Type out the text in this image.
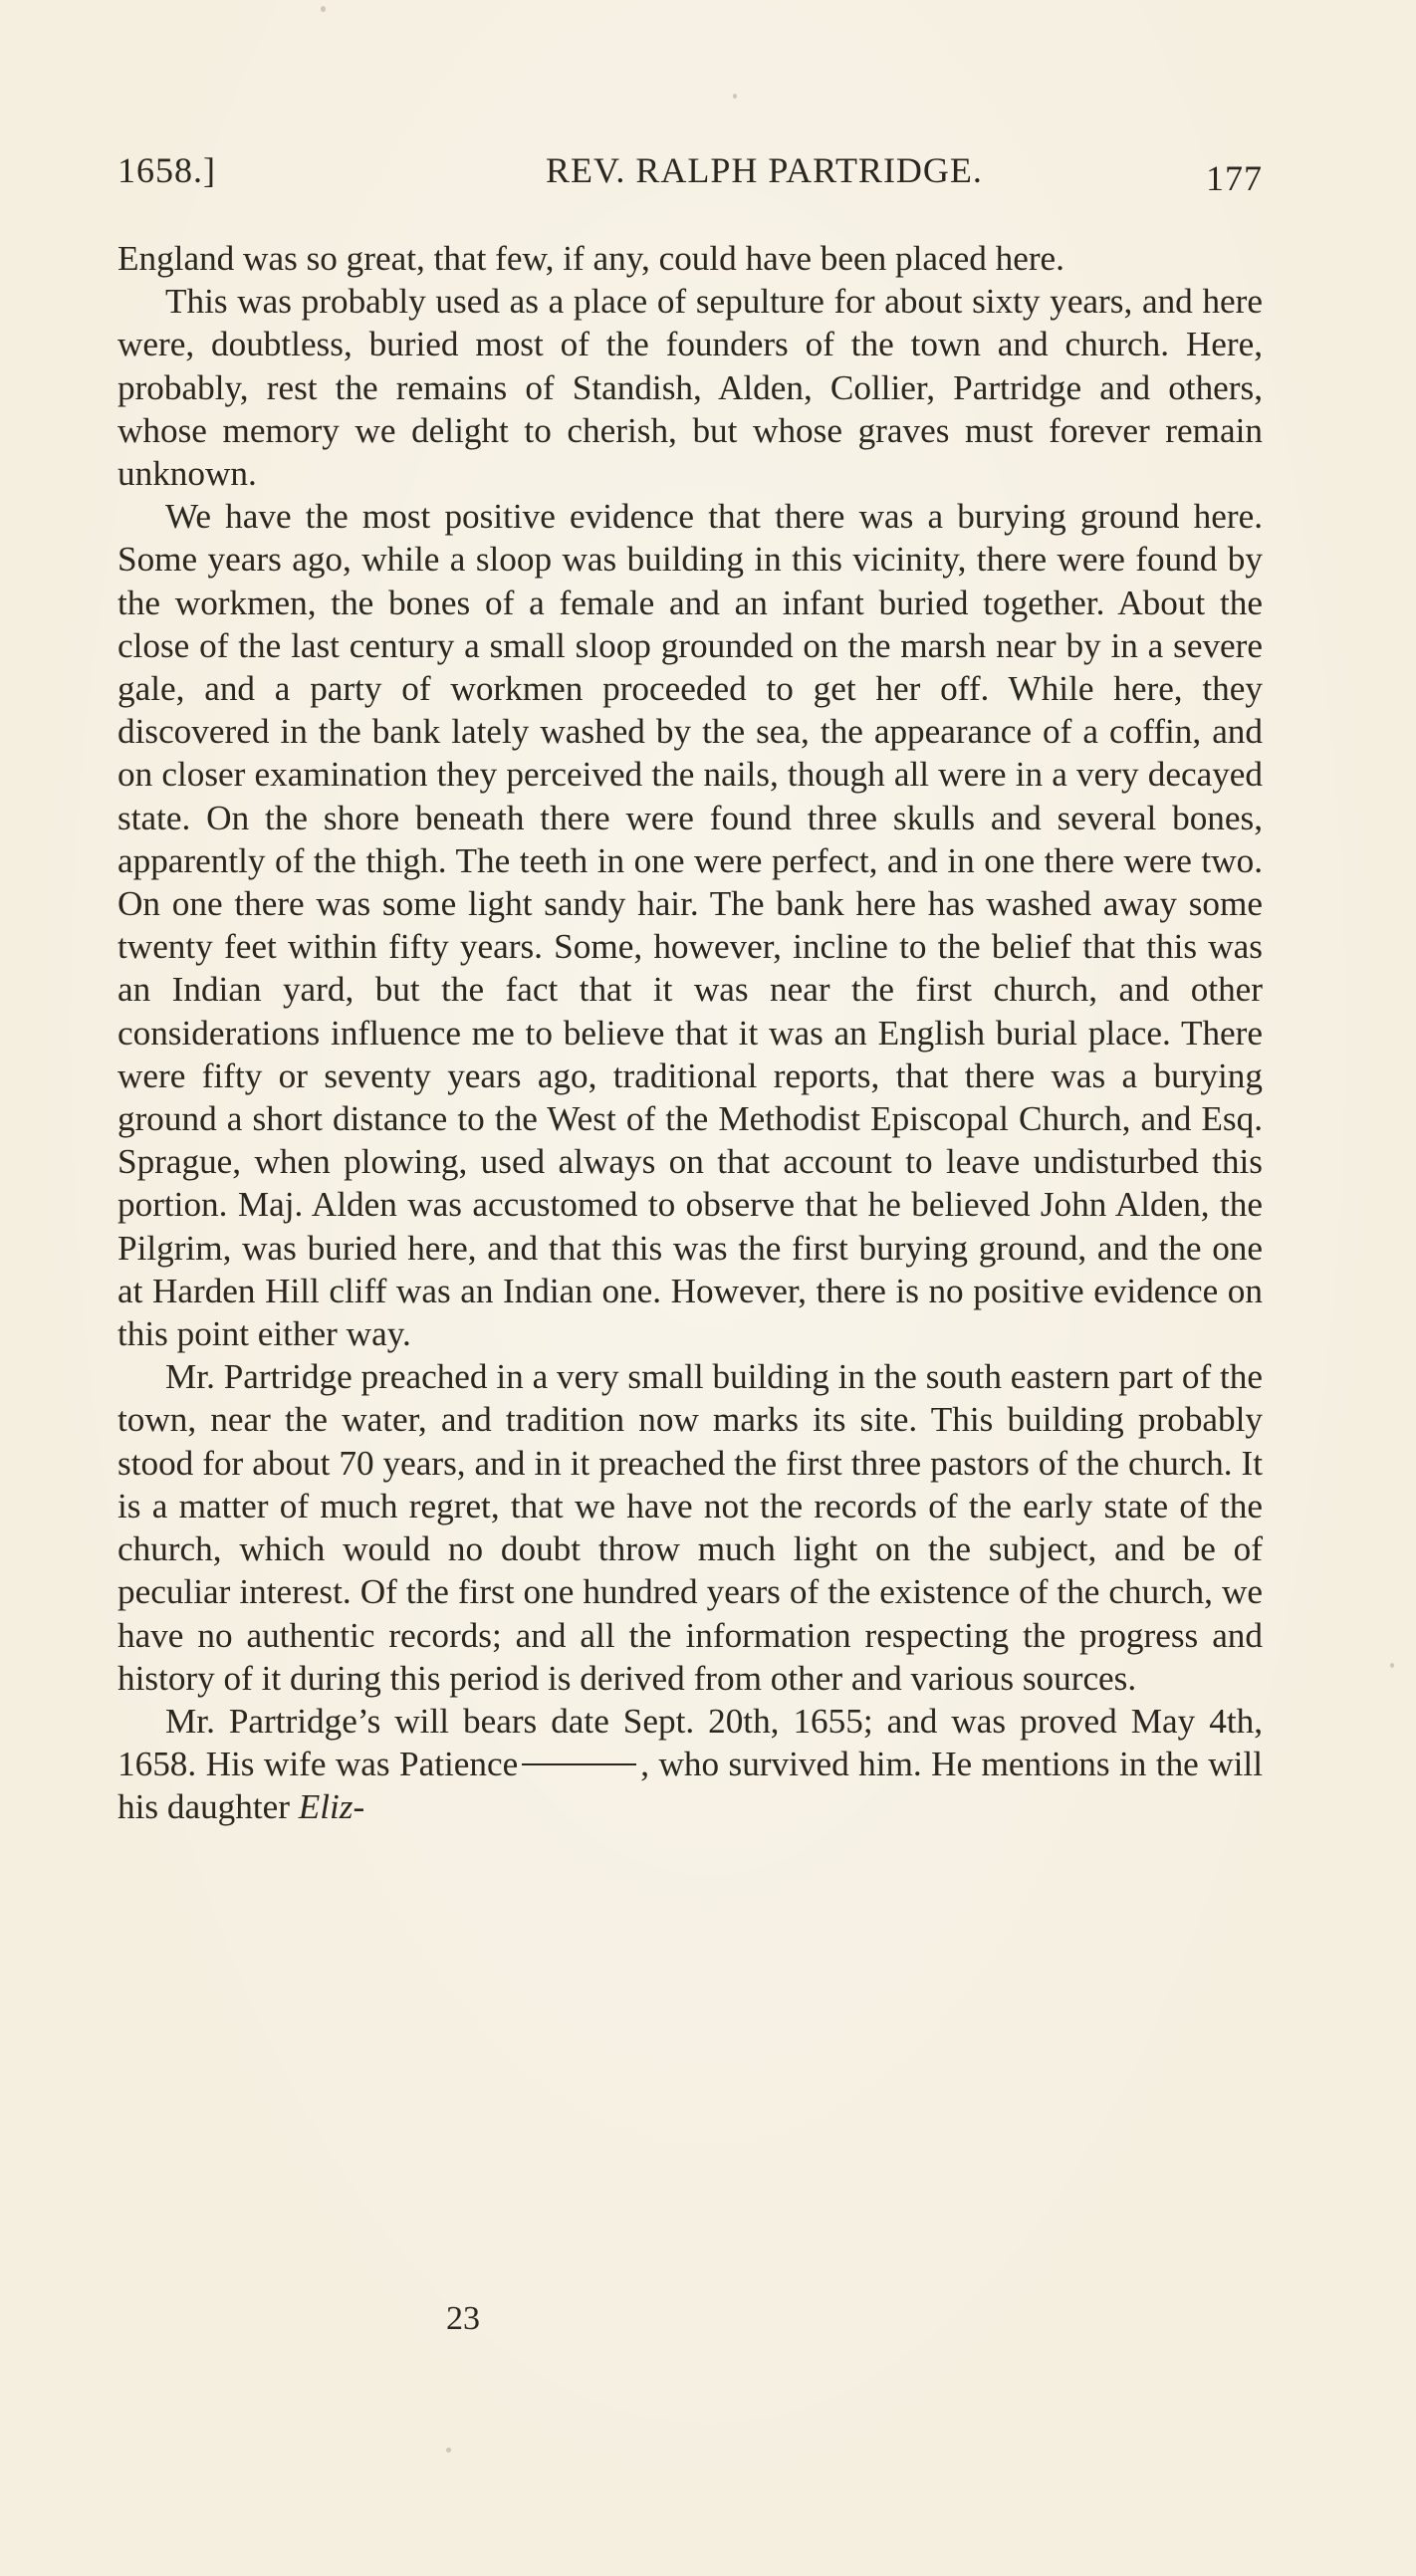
1658.]	REV. RALPH PARTRIDGE.	177

England was so great, that few, if any, could have been placed here.

This was probably used as a place of sepulture for about sixty years, and here were, doubtless, buried most of the founders of the town and church. Here, probably, rest the remains of Standish, Alden, Collier, Partridge and others, whose memory we delight to cherish, but whose graves must forever remain unknown.

We have the most positive evidence that there was a burying ground here. Some years ago, while a sloop was building in this vicinity, there were found by the workmen, the bones of a female and an infant buried together. About the close of the last century a small sloop grounded on the marsh near by in a severe gale, and a party of workmen proceeded to get her off. While here, they discovered in the bank lately washed by the sea, the appearance of a coffin, and on closer examination they perceived the nails, though all were in a very decayed state. On the shore beneath there were found three skulls and several bones, apparently of the thigh. The teeth in one were perfect, and in one there were two. On one there was some light sandy hair. The bank here has washed away some twenty feet within fifty years. Some, however, incline to the belief that this was an Indian yard, but the fact that it was near the first church, and other considerations influence me to believe that it was an English burial place. There were fifty or seventy years ago, traditional reports, that there was a burying ground a short distance to the West of the Methodist Episcopal Church, and Esq. Sprague, when plowing, used always on that account to leave undisturbed this portion. Maj. Alden was accustomed to observe that he believed John Alden, the Pilgrim, was buried here, and that this was the first burying ground, and the one at Harden Hill cliff was an Indian one. However, there is no positive evidence on this point either way.

Mr. Partridge preached in a very small building in the south eastern part of the town, near the water, and tradition now marks its site. This building probably stood for about 70 years, and in it preached the first three pastors of the church. It is a matter of much regret, that we have not the records of the early state of the church, which would no doubt throw much light on the subject, and be of peculiar interest. Of the first one hundred years of the existence of the church, we have no authentic records; and all the information respecting the progress and history of it during this period is derived from other and various sources.

Mr. Partridge’s will bears date Sept. 20th, 1655; and was proved May 4th, 1658. His wife was Patience	, who survived him. He mentions in the will his daughter Eliz-

23
